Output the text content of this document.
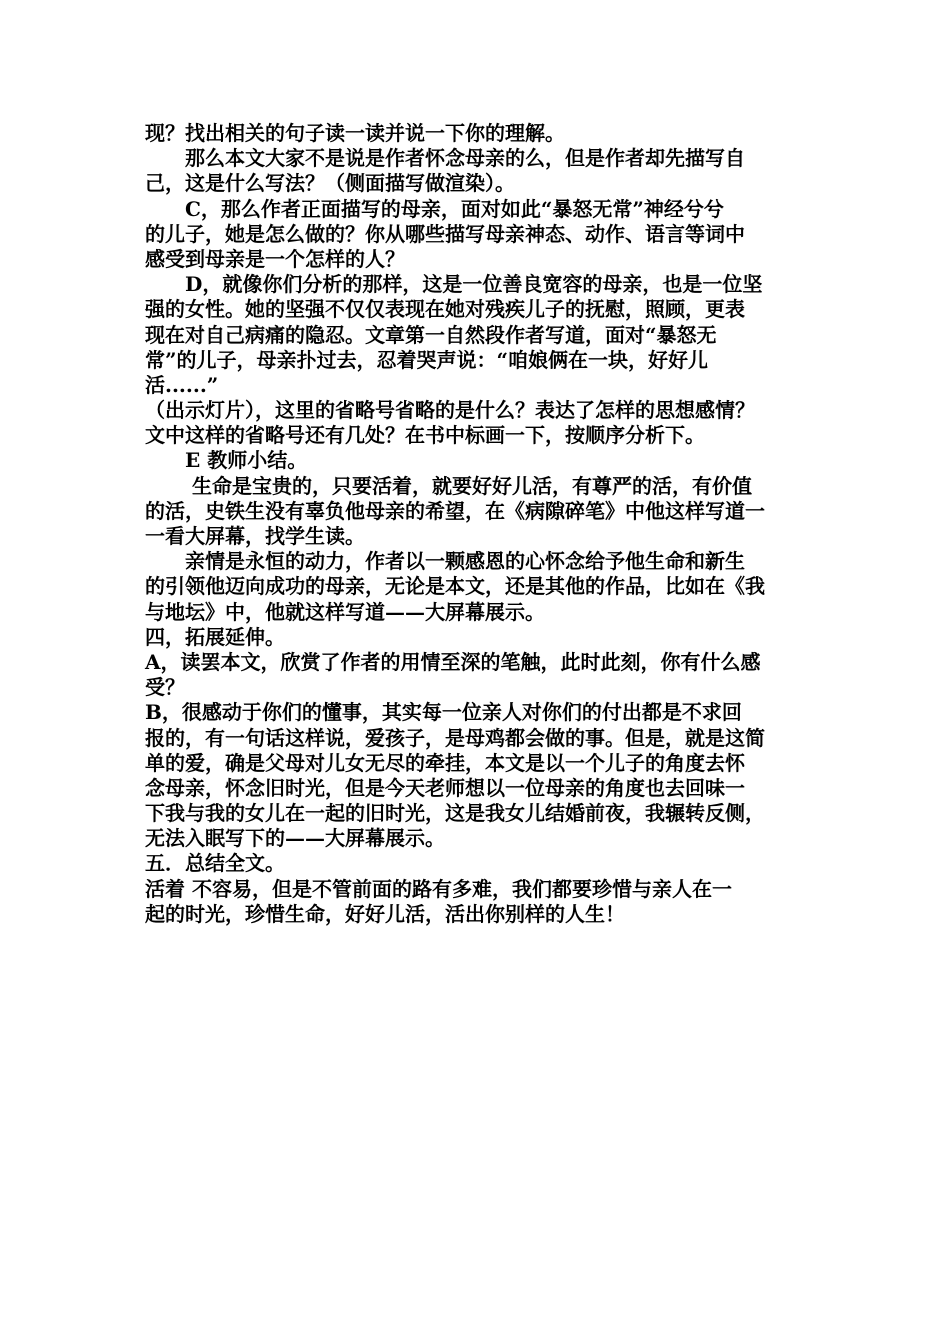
现？找出相关的句子读一读并说一下你的理解。
　　那么本文大家不是说是作者怀念母亲的么，但是作者却先描写自
己，这是什么写法？（侧面描写做渲染）。
　　C，那么作者正面描写的母亲，面对如此“暴怒无常”神经兮兮
的儿子，她是怎么做的？你从哪些描写母亲神态、动作、语言等词中
感受到母亲是一个怎样的人？
　　D，就像你们分析的那样，这是一位善良宽容的母亲，也是一位坚
强的女性。她的坚强不仅仅表现在她对残疾儿子的抚慰，照顾，更表
现在对自己病痛的隐忍。文章第一自然段作者写道，面对“暴怒无
常”的儿子，母亲扑过去，忍着哭声说：“咱娘俩在一块，好好儿
活......”
（出示灯片），这里的省略号省略的是什么？表达了怎样的思想感情？
文中这样的省略号还有几处？在书中标画一下，按顺序分析下。
　　E 教师小结。
　　 生命是宝贵的，只要活着，就要好好儿活，有尊严的活，有价值
的活，史铁生没有辜负他母亲的希望，在《病隙碎笔》中他这样写道一
一看大屏幕，找学生读。
　　亲情是永恒的动力，作者以一颗感恩的心怀念给予他生命和新生
的引领他迈向成功的母亲，无论是本文，还是其他的作品，比如在《我
与地坛》中，他就这样写道——大屏幕展示。
四，拓展延伸。
A，读罢本文，欣赏了作者的用情至深的笔触，此时此刻，你有什么感
受？
B，很感动于你们的懂事，其实每一位亲人对你们的付出都是不求回
报的，有一句话这样说，爱孩子，是母鸡都会做的事。但是，就是这简
单的爱，确是父母对儿女无尽的牵挂，本文是以一个儿子的角度去怀
念母亲，怀念旧时光，但是今天老师想以一位母亲的角度也去回味一
下我与我的女儿在一起的旧时光，这是我女儿结婚前夜，我辗转反侧，
无法入眠写下的——大屏幕展示。
五．总结全文。
活着 不容易，但是不管前面的路有多难，我们都要珍惜与亲人在一
起的时光，珍惜生命，好好儿活，活出你别样的人生！
